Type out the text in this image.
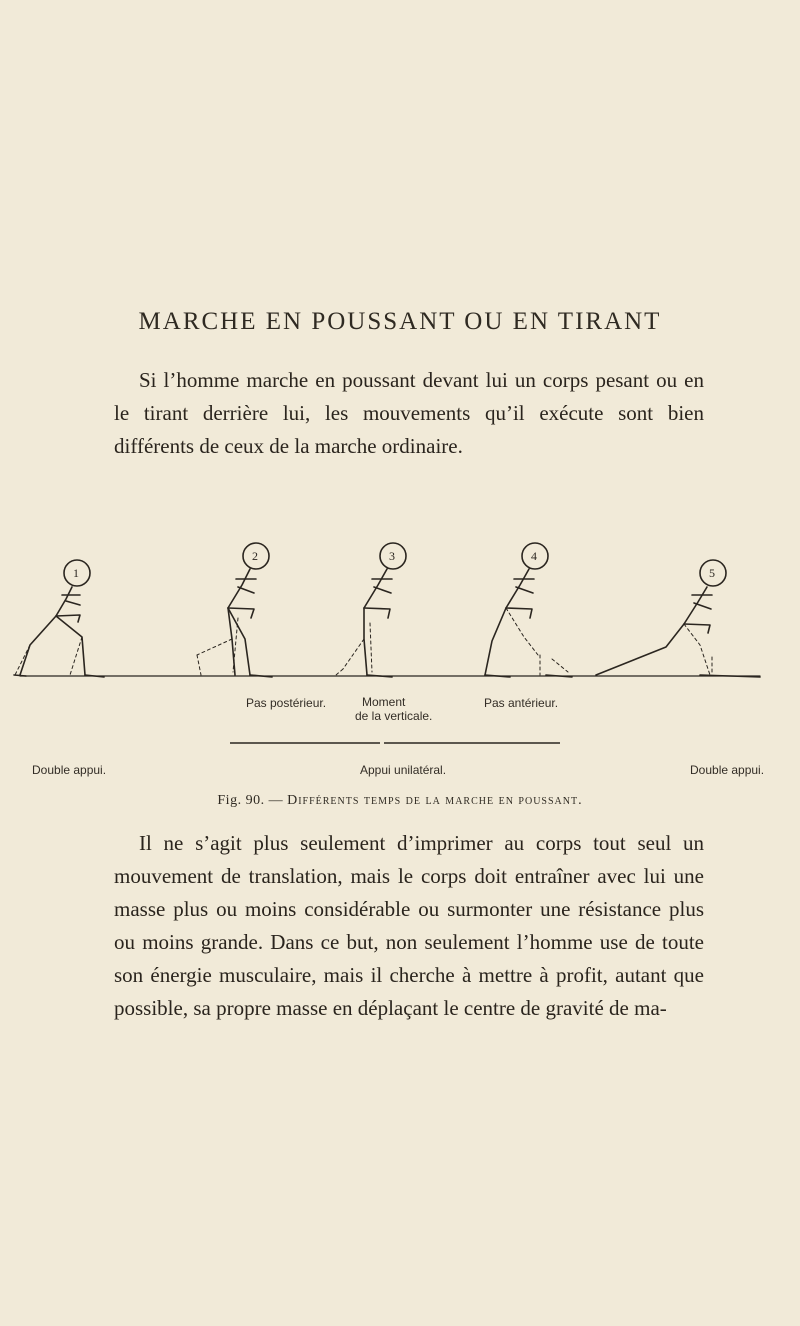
MARCHE EN POUSSANT OU EN TIRANT
Si l’homme marche en poussant devant lui un corps pesant ou en le tirant derrière lui, les mouvements qu’il exécute sont bien différents de ceux de la marche ordinaire.
1
2	3	4
5
Pas postérieur.	Moment
de la verticale.
Pas antérieur.
Double appui.	Appui unilatéral.	Double appui.
Fig. 90. — Différents temps de la marche en poussant.
Il ne s’agit plus seulement d’imprimer au corps tout seul un mouvement de translation, mais le corps doit entraîner avec lui une masse plus ou moins considérable ou surmonter une résistance plus ou moins grande. Dans ce but, non seulement l’homme use de toute son énergie musculaire, mais il cherche à mettre à profit, autant que possible, sa propre masse en déplaçant le centre de gravité de ma-
